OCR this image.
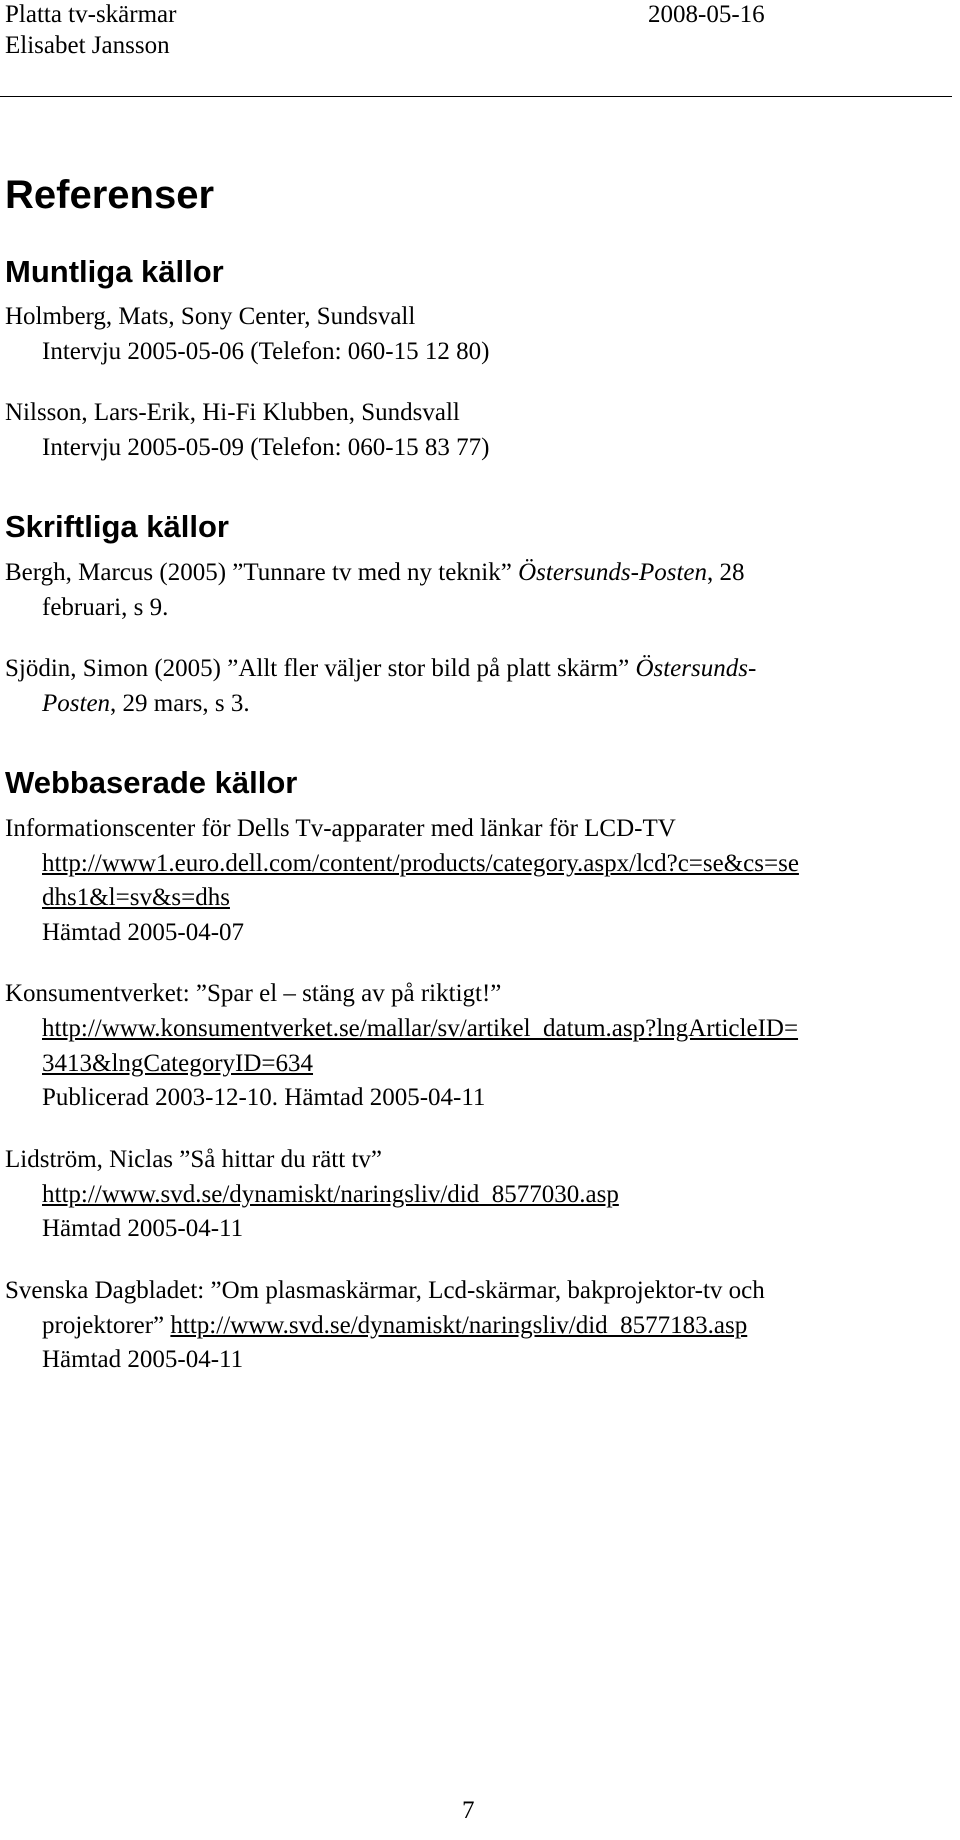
Platta tv-skärmar	2008-05-16
Elisabet Jansson
Referenser
Muntliga källor
Holmberg, Mats, Sony Center, Sundsvall
Intervju 2005-05-06 (Telefon: 060-15 12 80)
Nilsson, Lars-Erik, Hi-Fi Klubben, Sundsvall
Intervju 2005-05-09 (Telefon: 060-15 83 77)
Skriftliga källor
Bergh, Marcus (2005) ”Tunnare tv med ny teknik” Östersunds-Posten, 28
februari, s 9.
Sjödin, Simon (2005) ”Allt fler väljer stor bild på platt skärm” Östersunds-
Posten, 29 mars, s 3.
Webbaserade källor
Informationscenter för Dells Tv-apparater med länkar för LCD-TV
http://www1.euro.dell.com/content/products/category.aspx/lcd?c=se&cs=se
dhs1&l=sv&s=dhs
Hämtad 2005-04-07
Konsumentverket: ”Spar el – stäng av på riktigt!”
http://www.konsumentverket.se/mallar/sv/artikel_datum.asp?lngArticleID=
3413&lngCategoryID=634
Publicerad 2003-12-10. Hämtad 2005-04-11
Lidström, Niclas ”Så hittar du rätt tv”
http://www.svd.se/dynamiskt/naringsliv/did_8577030.asp
Hämtad 2005-04-11
Svenska Dagbladet: ”Om plasmaskärmar, Lcd-skärmar, bakprojektor-tv och
projektorer” http://www.svd.se/dynamiskt/naringsliv/did_8577183.asp
Hämtad 2005-04-11
7
